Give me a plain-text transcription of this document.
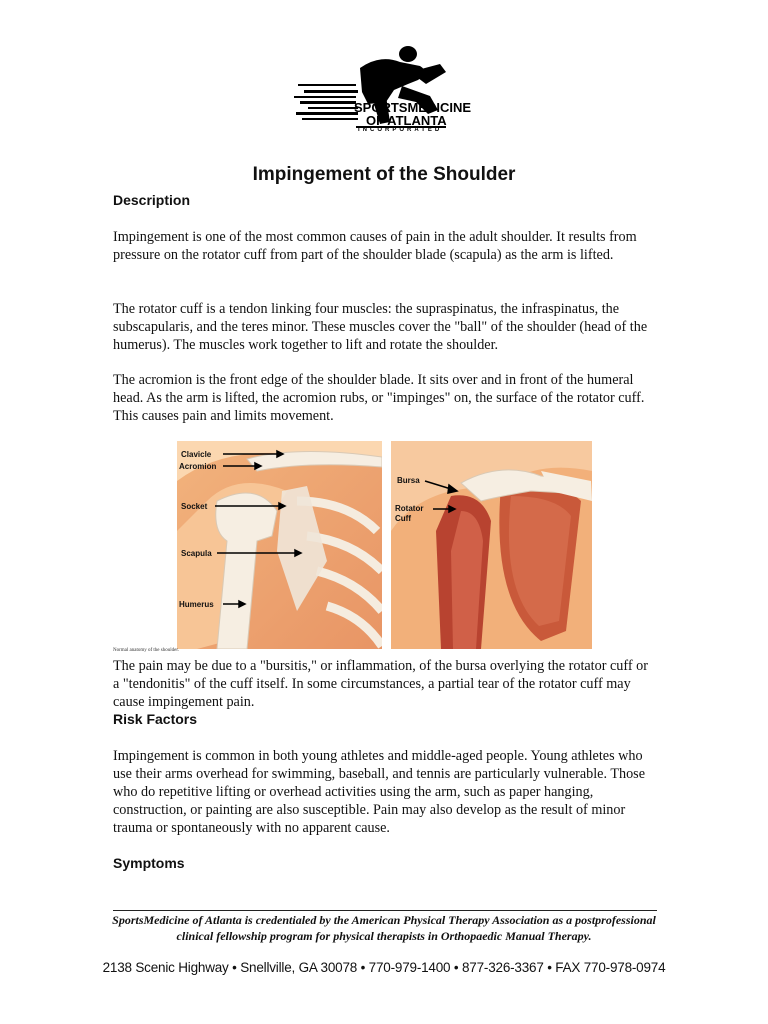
SPORTSMEDICINE
OF ATLANTA
INCORPORATED
Impingement of the Shoulder
Description

Impingement is one of the most common causes of pain in the adult shoulder. It results from pressure on the rotator cuff from part of the shoulder blade (scapula) as the arm is lifted.

The rotator cuff is a tendon linking four muscles: the supraspinatus, the infraspinatus, the subscapularis, and the teres minor. These muscles cover the "ball" of the shoulder (head of the humerus). The muscles work together to lift and rotate the shoulder.

The acromion is the front edge of the shoulder blade. It sits over and in front of the humeral head. As the arm is lifted, the acromion rubs, or "impinges" on, the surface of the rotator cuff. This causes pain and limits movement.

Clavicle
Acromion
Socket
Scapula
Humerus
Bursa
Rotator
Cuff
Normal anatomy of the shoulder.

The pain may be due to a "bursitis," or inflammation, of the bursa overlying the rotator cuff or a "tendonitis" of the cuff itself. In some circumstances, a partial tear of the rotator cuff may cause impingement pain.

Risk Factors

Impingement is common in both young athletes and middle-aged people. Young athletes who use their arms overhead for swimming, baseball, and tennis are particularly vulnerable. Those who do repetitive lifting or overhead activities using the arm, such as paper hanging, construction, or painting are also susceptible. Pain may also develop as the result of minor trauma or spontaneously with no apparent cause.

Symptoms

SportsMedicine of Atlanta is credentialed by the American Physical Therapy Association as a postprofessional clinical fellowship program for physical therapists in Orthopaedic Manual Therapy.

2138 Scenic Highway • Snellville, GA 30078 • 770-979-1400 • 877-326-3367 • FAX 770-978-0974
